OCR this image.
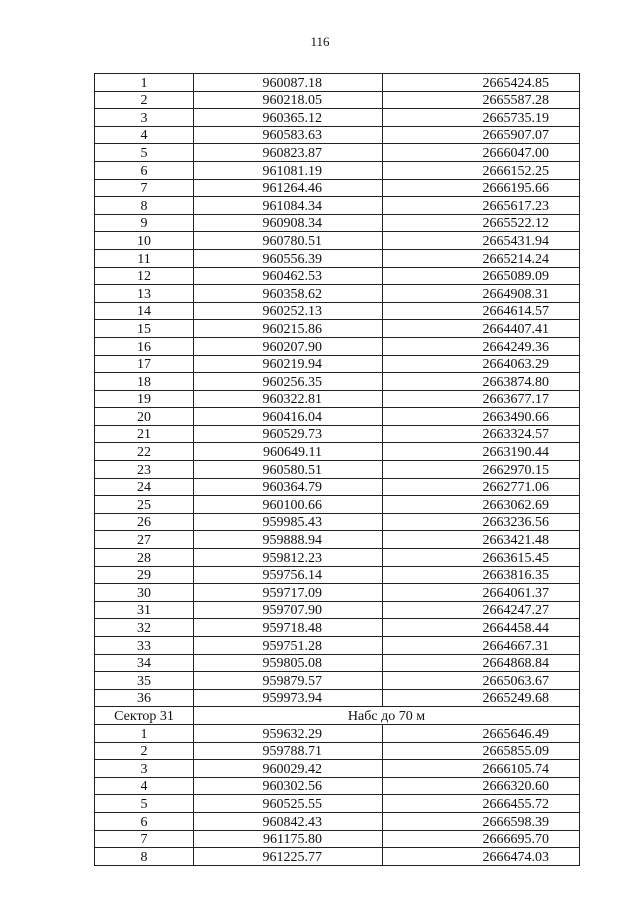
116
1	960087.18	2665424.85
2	960218.05	2665587.28
3	960365.12	2665735.19
4	960583.63	2665907.07
5	960823.87	2666047.00
6	961081.19	2666152.25
7	961264.46	2666195.66
8	961084.34	2665617.23
9	960908.34	2665522.12
10	960780.51	2665431.94
11	960556.39	2665214.24
12	960462.53	2665089.09
13	960358.62	2664908.31
14	960252.13	2664614.57
15	960215.86	2664407.41
16	960207.90	2664249.36
17	960219.94	2664063.29
18	960256.35	2663874.80
19	960322.81	2663677.17
20	960416.04	2663490.66
21	960529.73	2663324.57
22	960649.11	2663190.44
23	960580.51	2662970.15
24	960364.79	2662771.06
25	960100.66	2663062.69
26	959985.43	2663236.56
27	959888.94	2663421.48
28	959812.23	2663615.45
29	959756.14	2663816.35
30	959717.09	2664061.37
31	959707.90	2664247.27
32	959718.48	2664458.44
33	959751.28	2664667.31
34	959805.08	2664868.84
35	959879.57	2665063.67
36	959973.94	2665249.68
Сектор 31	Набс до 70 м	
1	959632.29	2665646.49
2	959788.71	2665855.09
3	960029.42	2666105.74
4	960302.56	2666320.60
5	960525.55	2666455.72
6	960842.43	2666598.39
7	961175.80	2666695.70
8	961225.77	2666474.03
